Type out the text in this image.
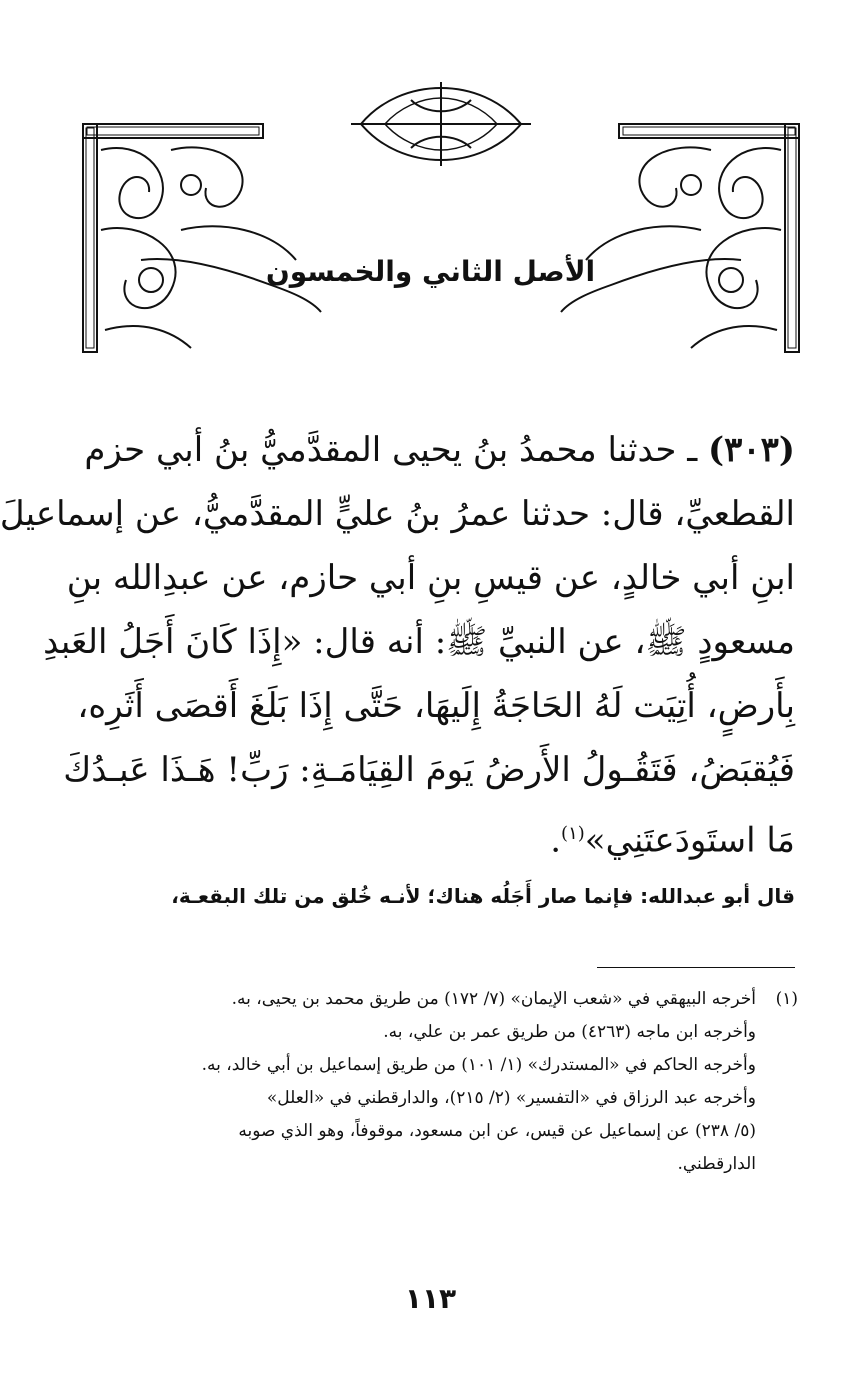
الأصل الثاني والخمسون
(٣٠٣) ـ حدثنا محمدُ بنُ يحيى المقدَّميُّ بنُ أبي حزم
القطعيِّ، قال: حدثنا عمرُ بنُ عليٍّ المقدَّميُّ، عن إسماعيلَ
ابنِ أبي خالدٍ، عن قيسِ بنِ أبي حازم، عن عبدِالله بنِ
مسعودٍ ﷺ، عن النبيِّ ﷺ: أنه قال: «إِذَا كَانَ أَجَلُ العَبدِ
بِأَرضٍ، أُتِيَت لَهُ الحَاجَةُ إِلَيهَا، حَتَّى إِذَا بَلَغَ أَقصَى أَثَرِه،
فَيُقبَضُ، فَتَقُـولُ الأَرضُ يَومَ القِيَامَـةِ: رَبِّ! هَـذَا عَبـدُكَ
مَا استَودَعتَنِي»$^{(١)}$.
قال أبو عبدالله: فإنما صار أَجَلُه هناك؛ لأنـه خُلق من تلك البقعـة،
(١)أخرجه البيهقي في «شعب الإيمان» (٧/ ١٧٢) من طريق محمد بن يحيى، به.
وأخرجه ابن ماجه (٤٢٦٣) من طريق عمر بن علي، به.
وأخرجه الحاكم في «المستدرك» (١/ ١٠١) من طريق إسماعيل بن أبي خالد، به.
وأخرجه عبد الرزاق في «التفسير» (٢/ ٢١٥)، والدارقطني في «العلل»
(٥/ ٢٣٨) عن إسماعيل عن قيس، عن ابن مسعود، موقوفاً، وهو الذي صوبه
الدارقطني.
١١٣
